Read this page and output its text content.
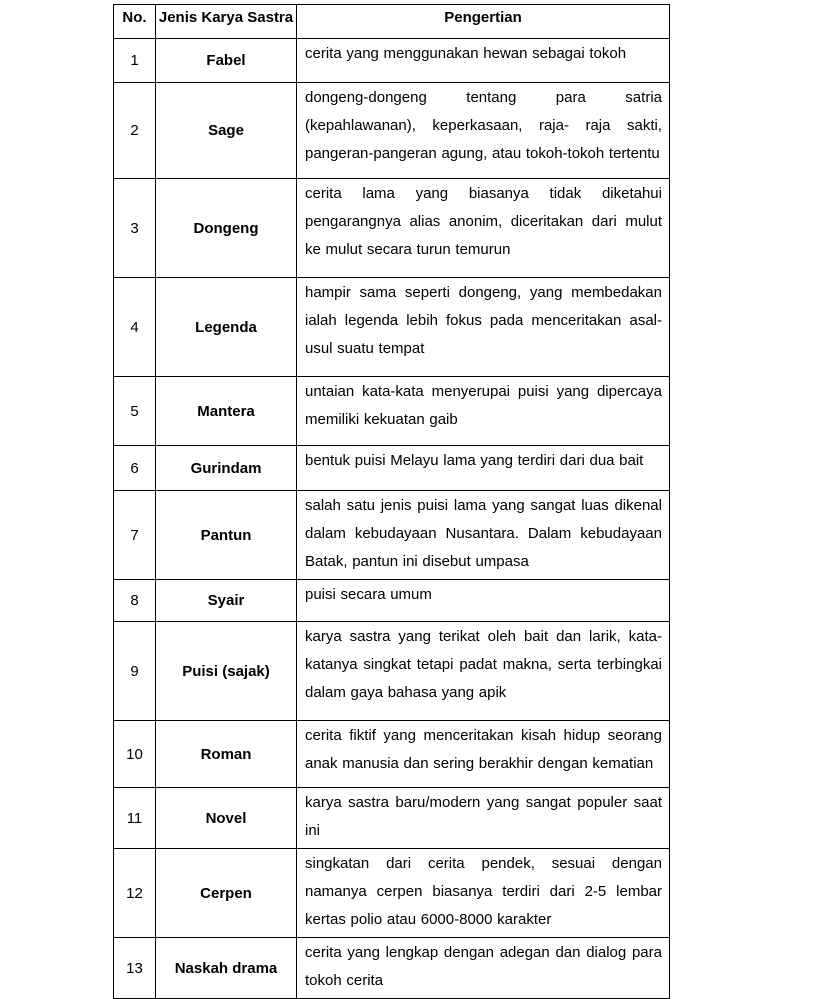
No.	Jenis Karya Sastra	Pengertian
1	Fabel	cerita yang menggunakan hewan sebagai tokoh
2	Sage	dongeng-dongeng tentang para satria (kepahlawanan), keperkasaan, raja- raja sakti, pangeran-pangeran agung, atau tokoh-tokoh tertentu
3	Dongeng	cerita lama yang biasanya tidak diketahui pengarangnya alias anonim, diceritakan dari mulut ke mulut secara turun temurun
4	Legenda	hampir sama seperti dongeng, yang membedakan ialah legenda lebih fokus pada menceritakan asal-usul suatu tempat
5	Mantera	untaian kata-kata menyerupai puisi yang dipercaya memiliki kekuatan gaib
6	Gurindam	bentuk puisi Melayu lama yang terdiri dari dua bait
7	Pantun	salah satu jenis puisi lama yang sangat luas dikenal dalam kebudayaan Nusantara. Dalam kebudayaan Batak, pantun ini disebut umpasa
8	Syair	puisi secara umum
9	Puisi (sajak)	karya sastra yang terikat oleh bait dan larik, kata-katanya singkat tetapi padat makna, serta terbingkai dalam gaya bahasa yang apik
10	Roman	cerita fiktif yang menceritakan kisah hidup seorang anak manusia dan sering berakhir dengan kematian
11	Novel	karya sastra baru/modern yang sangat populer saat ini
12	Cerpen	singkatan dari cerita pendek, sesuai dengan namanya cerpen biasanya terdiri dari 2-5 lembar kertas polio atau 6000-8000 karakter
13	Naskah drama	cerita yang lengkap dengan adegan dan dialog para tokoh cerita
